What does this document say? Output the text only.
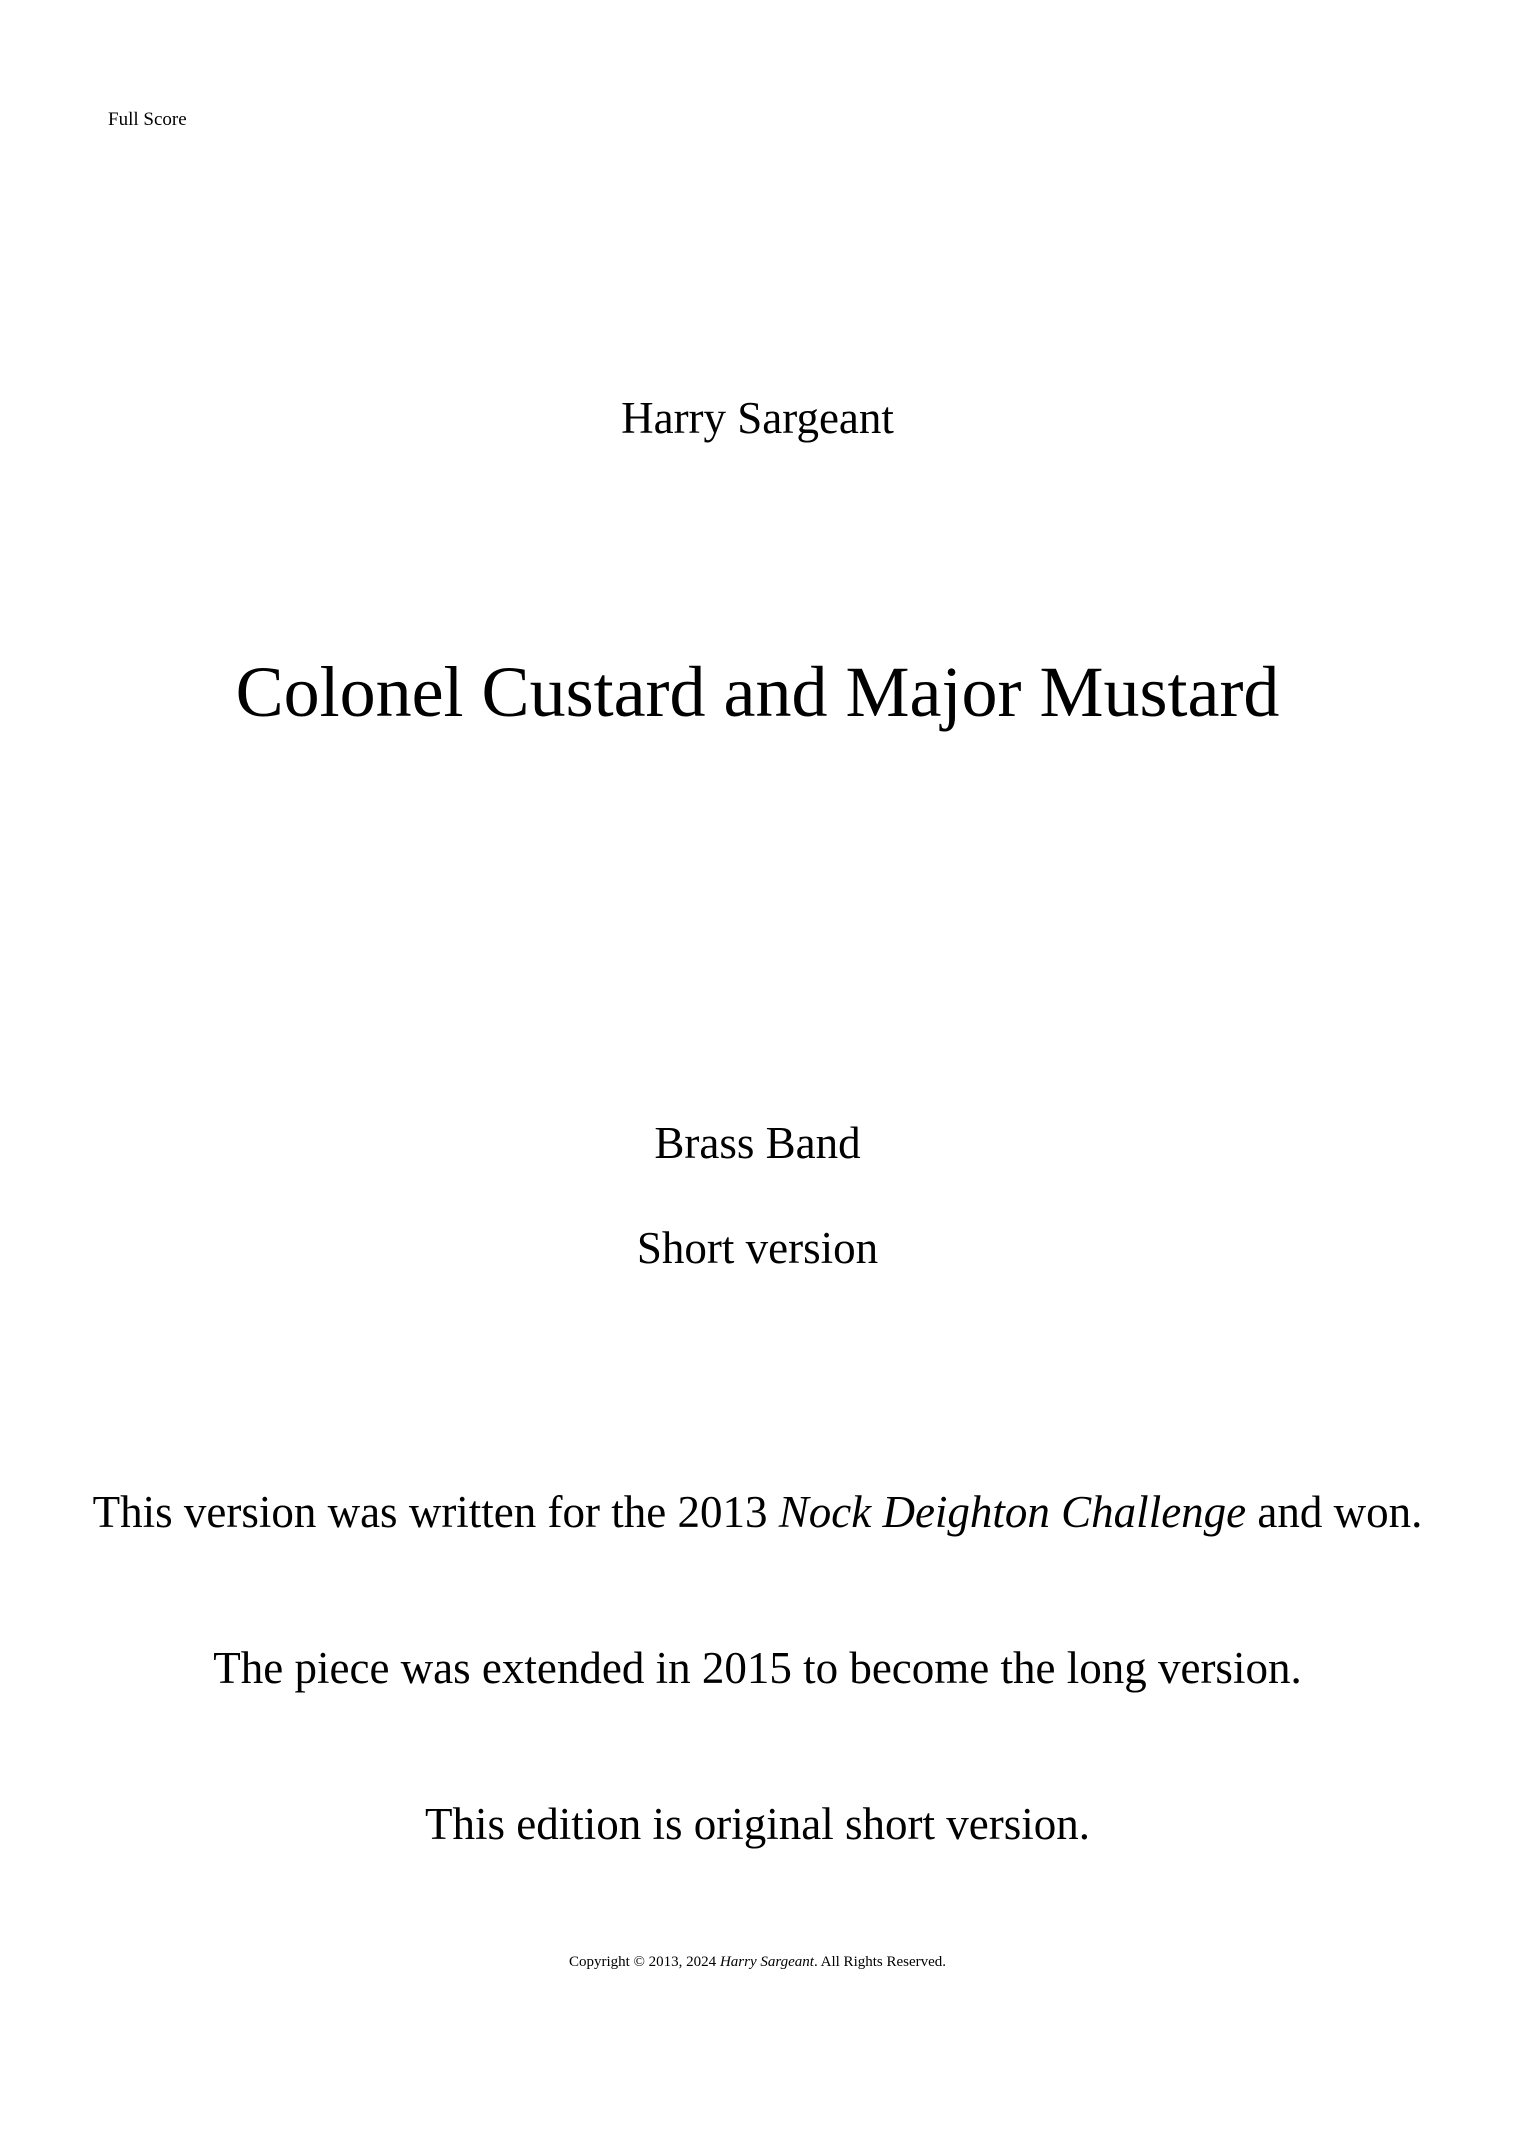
Full Score
Harry Sargeant
Colonel Custard and Major Mustard
Brass Band
Short version
This version was written for the 2013 Nock Deighton Challenge and won.
The piece was extended in 2015 to become the long version.
This edition is original short version.
Copyright © 2013, 2024 Harry Sargeant. All Rights Reserved.
